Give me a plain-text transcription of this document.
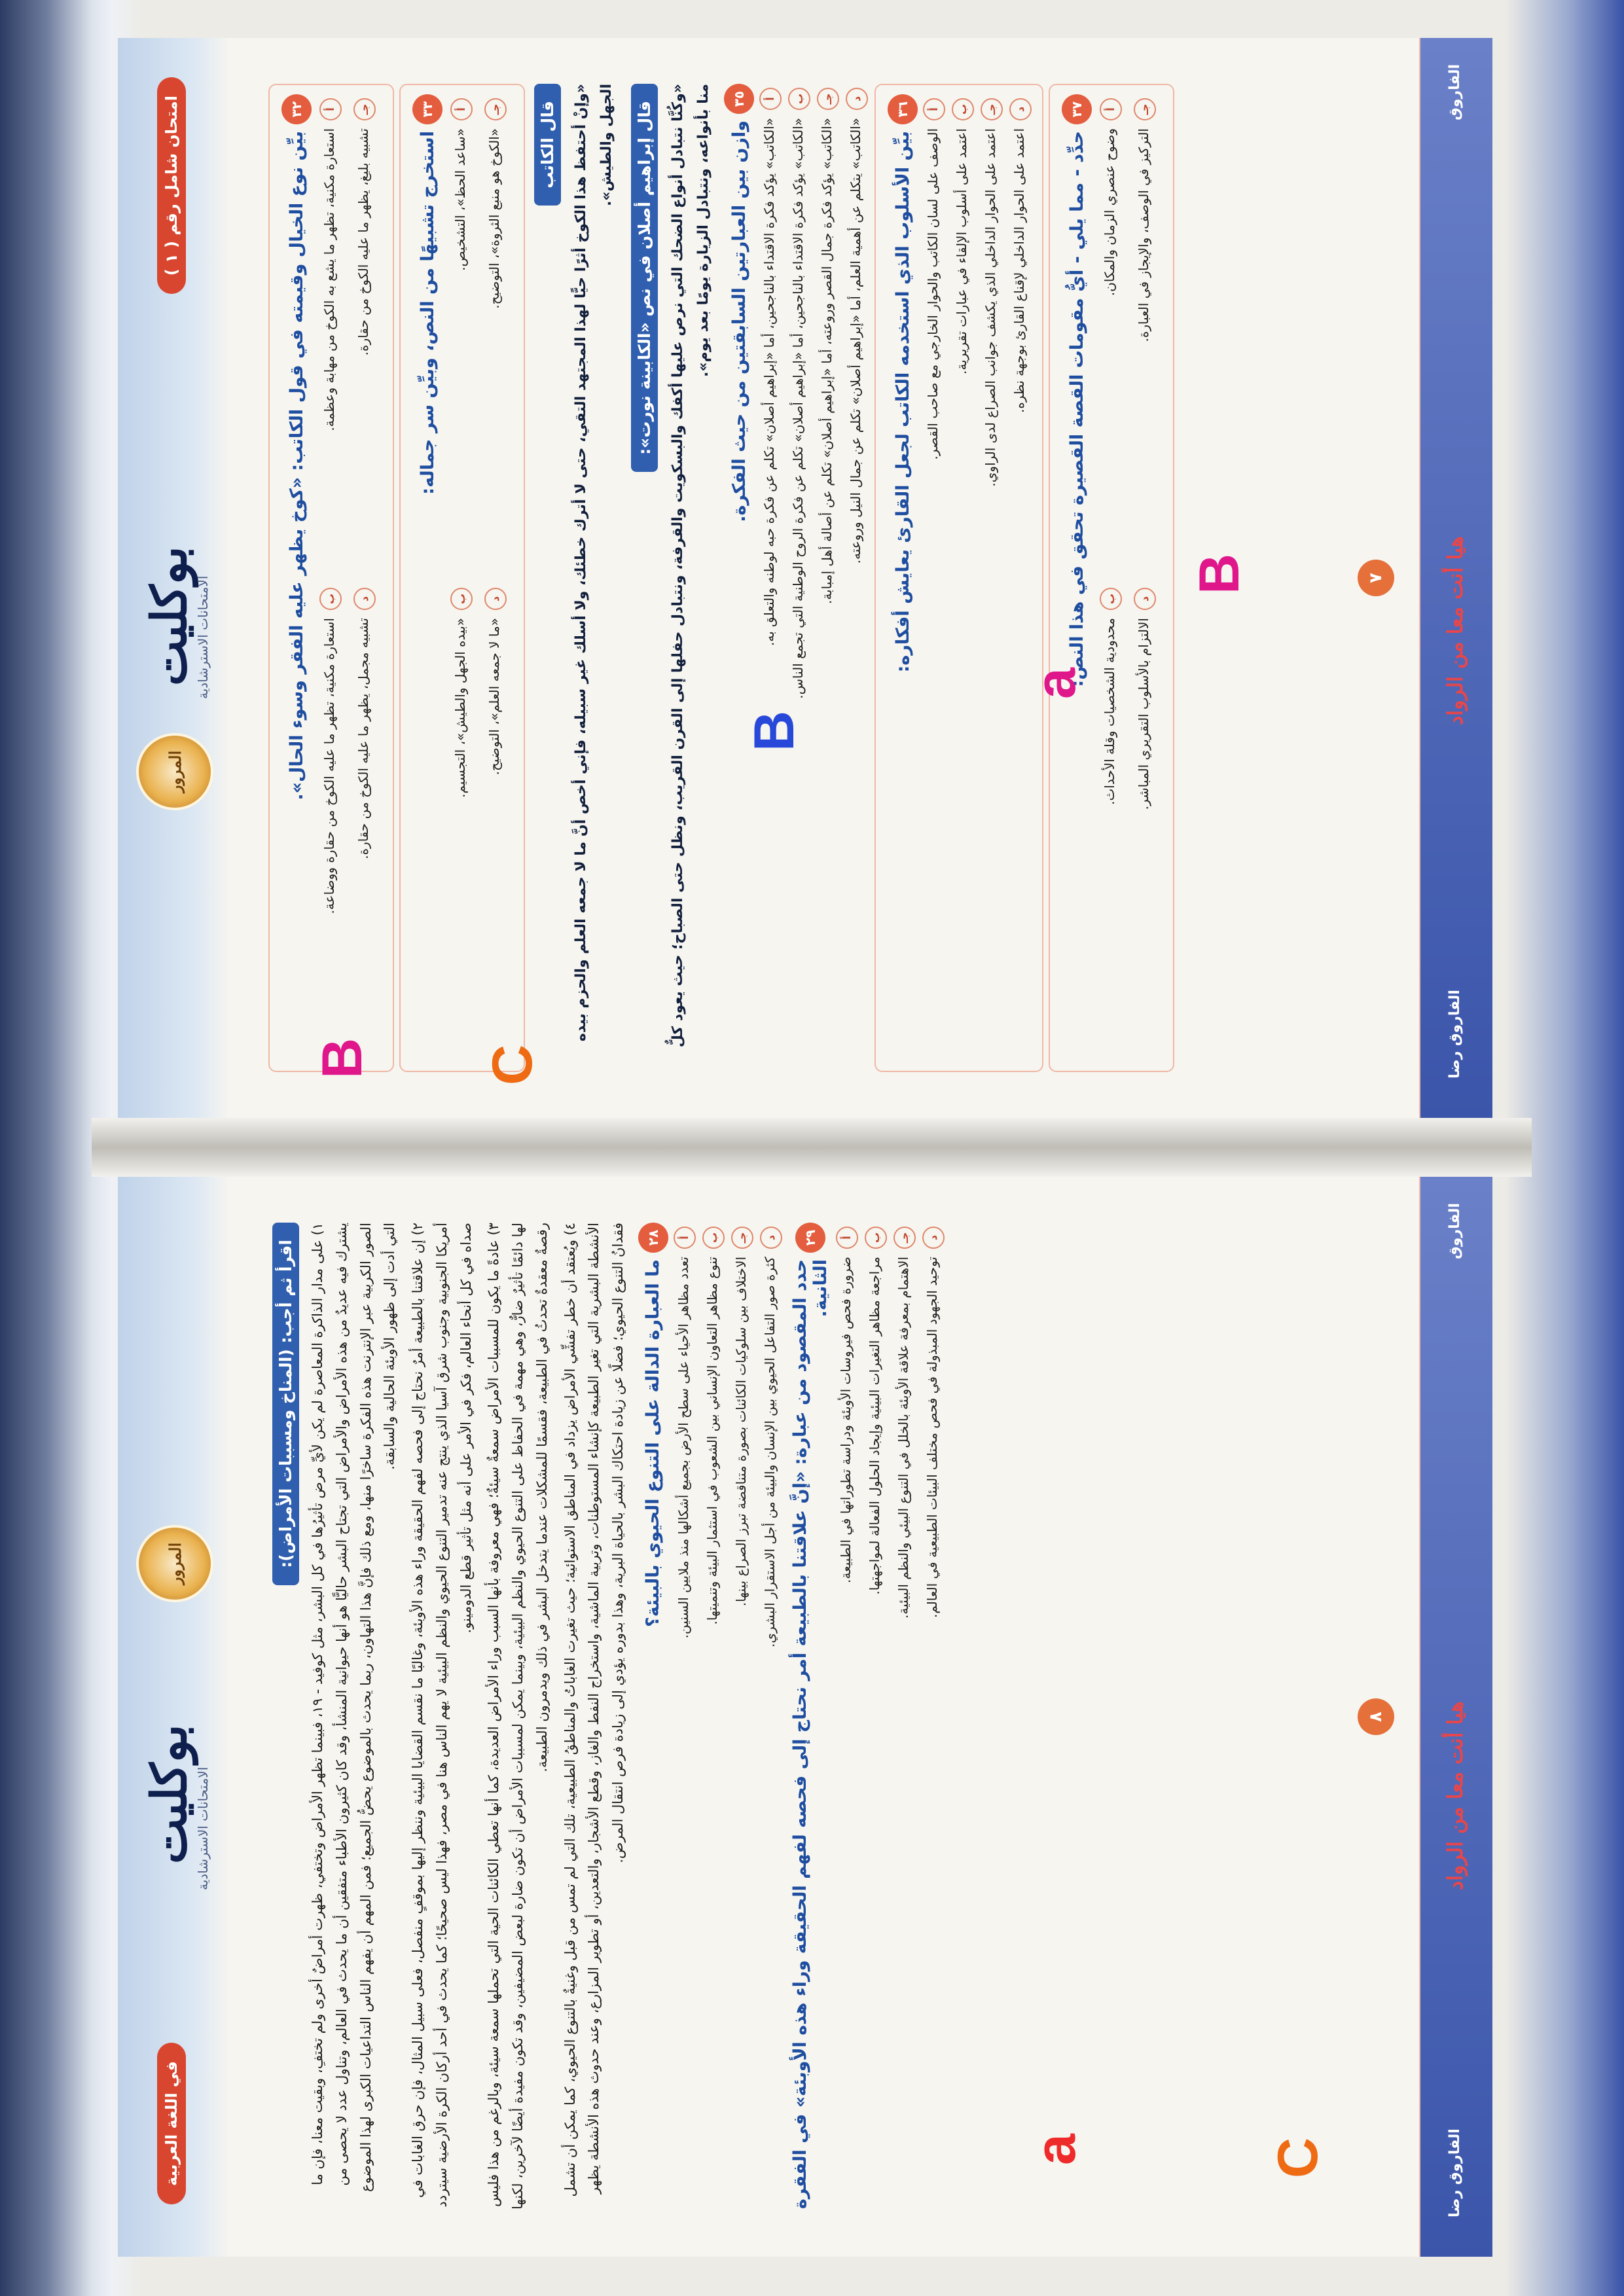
في اللغة العربية
بوكليت
الامتحانات الاسترشادية
المرور	اقرأ ثم أجب: (المناخ ومسببات الأمراض):

١) على مدار الذاكرة المعاصرة لم يكن لأيِّ مرض تأثيرُها في كل البشر، مثل كوفيد - ١٩، فبينما تظهر الأمراض وتختفي، ظهرت أمراضٌ أخرى ولم تختفِ، وبقيت معنا، فإن ما يشترك فيه عديدٌ من هذه الأمراض والأمراض التي تجتاح البشر حاليًّا هو أنها حيوانية المنشأ، وقد كان كثيرون الأطباء متفقين أن ما يحدث في العالم، وتناول عدد لا يحصى من الصور الكربية عبر الإنترنت هذه الفكرة ساخرًا منها، ومع ذلك فإنَّ هذا التهاون، ربما يحدث بالموضوع يحضُّ الجميع؛ فمن المهم أن يفهم الناس التداعيات الكبرى لهذا الموضوع التي أدت إلى ظهور الأوبئة الحالية والسابقة. ٢) إن علاقتنا بالطبيعة أمرٌ نحتاج إلى فحصه لفهم الحقيقة وراء هذه الأوبئة، وغالبًا ما نقسم القضايا البيئية وننظر إليها بموقفٍ منفصل، فعلى سبيل المثال، فإن حرق الغابات في أمريكا الجنوبية وجنوب شرق آسيا الذي ينتج عنه تدمير التنوع الحيوي والنظم البيئية لا يهم الناس هنا في مصر، فهذا ليس صحيحًا؛ كما يحدث في أحد أركان الكرة الأرضية سيتردد صداه في كل أنحاء العالم، فكر في الأمر على أنه مثل تأثير قطع الدومينو. ٣) عادةً ما يكون للمسببات الأمراض سمعةٌ سيئةٌ؛ فهي معروفة بأنها السبب وراء الأمراض العديدة، كما أنها تعطي الكائنات الحية التي تحملها سمعة سيئة، وبالرغم من هذا فليس لها دائمًا تأثيرٌ ضارٌّ، وهي مهمة في الحفاظ على التنوع الحيوي والنظم البيئية، وبينما يمكن لمسببات الأمراض أن تكون ضارة لبعض المضيفين، وقد تكون مفيدة أيضًا لآخرين، لكنها رقصةٌ معقدةٌ تحدثُ في الطبيعة، فقسمًا للمشكلات عندما يتدخل البشر في ذلك ويدمرون الطبيعة. ٤) ويُعتقد أن خطر تفشِّي الأمراض يزداد في المناطق الاستوائية؛ حيث تغيرت الغاباتُ والمناطقُ الطبيعية، تلك التي لم تمس من قبل وغنيةٌ بالتنوع الحيوي، كما يمكن أن تشمل الأنشطة البشرية التي تغير الطبيعة كإنشاء المستوطنات، وتربية الماشية، واستخراج النفط والغاز، وقطع الأشجار، والتعدين، أو تطوير المزارع، وعند حدوث هذه الأنشطة يظهر فقدانُ التنوع الحيوي؛ فضلًا عن زيادة احتكاك البشر بالحياة البرية، وهذا بدوره يؤدي إلى زيادة فرص انتقال المرض.	٢٨
ما العبارة الدالة على التنوع الحيوي بالبيئة؟
أ
تعدد مظاهر الأحياء على سطح الأرض بجميع أشكالها منذ ملايين السنين.
ب
تنوع مظاهر التعاون الإنساني بين الشعوب في استثمار البيئة وتنميتها.
جـ
الاختلاف بين سلوكيات الكائنات بصورة متناقضة تبرز الصراع بينها.
د
كثرة صور التفاعل الحيوي بين الإنسان والبيئة من أجل الاستقرار البشري.
٢٩
حدد المقصود من عبارة: «إنَّ علاقتنا بالطبيعة أمر نحتاج إلى فحصه لفهم الحقيقة وراء هذه الأوبئة» في الفقرة الثانية.
أ
ضرورة فحص فيروسات الأوبئة ودراسة تطوراتها في الطبيعة.
ب
مراجعة مظاهر التغيرات البيئية وإيجاد الحلول الفعالة لمواجهتها.
جـ
الاهتمام بمعرفة علاقة الأوبئة بالخلل في التنوع البيئي والنظم البيئية.
د
توحيد الجهود المبذولة في فحص مختلف البيئات الطبيعية في العالم.
a	C
٨
الفاروق رضا
هيا أنت معا من الرواد
الفاروق
المرور
بوكليت
الامتحانات الاسترشادية
امتحان شامل رقم ( ١ )	٣٢
بيِّن نوع الخيال وقيمته في قول الكاتب: «كوخ يظهر عليه الفقر وسوء الحال».
أ
استعارة مكنية، تظهر ما يشع به الكوخ من مهابة وعظمة.
ب
استعارة مكنية، تظهر ما عليه الكوخ من حقارة ووضاعة.
جـ
تشبيه بليغ، يظهر ما عليه الكوخ من حقارة.
د
تشبيه مجمل، يظهر ما عليه الكوخ من حقارة.
٣٣
استخرج تشبيهًا من النص، وبيِّن سر جماله:
أ
«ساعد الحظ»، التشخيص.
ب
«بيده الجهل والطيش»، التجسيم.
جـ
«الكوخ هو منبع الثروة»، التوضيح.
د
«ما لا جمعه العلم»، التوضيح.
قال الكاتب «وإنْ أحتفظ هذا الكوخ أثرًا حيًّا لهذا المجتهد التقي، حتى لا أترك خطئك، ولا أسلك غير سبيله، فإني أخص أنَّ ما لا جمعه العلم والحزم بيده الجهل والطيش».	قال إبراهيم أصلان في نص «الكابينة نورت»: «وكُنَّا نتبادل أنواع الضحك التي نرص عليها أكفك والبسكويت والقرفة، ونتبادل حفلها إلى القرن القريب، ونظل حتى الصباح؛ حيث يعود كلٌّ منا بأنواعه، ونتبادل الزيارة يومًا بعد يوم».	٣٥
وازن بين العبارتين السابقتين من حيث الفكرة.
أ
«الكاتب» يؤكد فكرة الاقتداء بالناجحين، أما «إبراهيم أصلان» تكلم عن فكرة حبه لوطنه والتعلق به.
ب
«الكاتب» يؤكد فكرة الاقتداء بالناجحين، أما «إبراهيم أصلان» تكلم عن فكرة الروح الوطنية التي تجمع الناس.
جـ
«الكاتب» يؤكد فكرة جمال القصر وروعته، أما «إبراهيم أصلان» تكلم عن أصالة أهل إمبابة.
د
«الكاتب» يتكلم عن أهمية العلم، أما «إبراهيم أصلان» تكلم عن جمال النيل وروعته.
٣٦
بيِّن الأسلوب الذي استخدمه الكاتب لجعل القارئ يعايش أفكاره:
أ
الوصف على لسان الكاتب والحوار الخارجي مع صاحب القصر.
ب
اعتمد على أسلوب الإلقاء في عبارات تقريرية.
جـ
اعتمد على الحوار الداخلي الذي يكشف جوانب الصراع لدى الراوي.
د
اعتمد على الحوار الداخلي لإقناع القارئ بوجهة نظره.
٣٧
حدِّد - مما يلي - أيُّ مقومات القصة القصيرة تحقق في هذا النص:
أ
وضوح عنصري الزمان والمكان.
ب
محدودية الشخصيات وقلة الأحداث.
جـ
التركيز في الوصف، والإيجاز في العبارة.
د
الالتزام بالأسلوب التقريري المباشر.
B C
B
a
B	٧
الفاروق رضا
هيا أنت معا من الرواد
الفاروق
